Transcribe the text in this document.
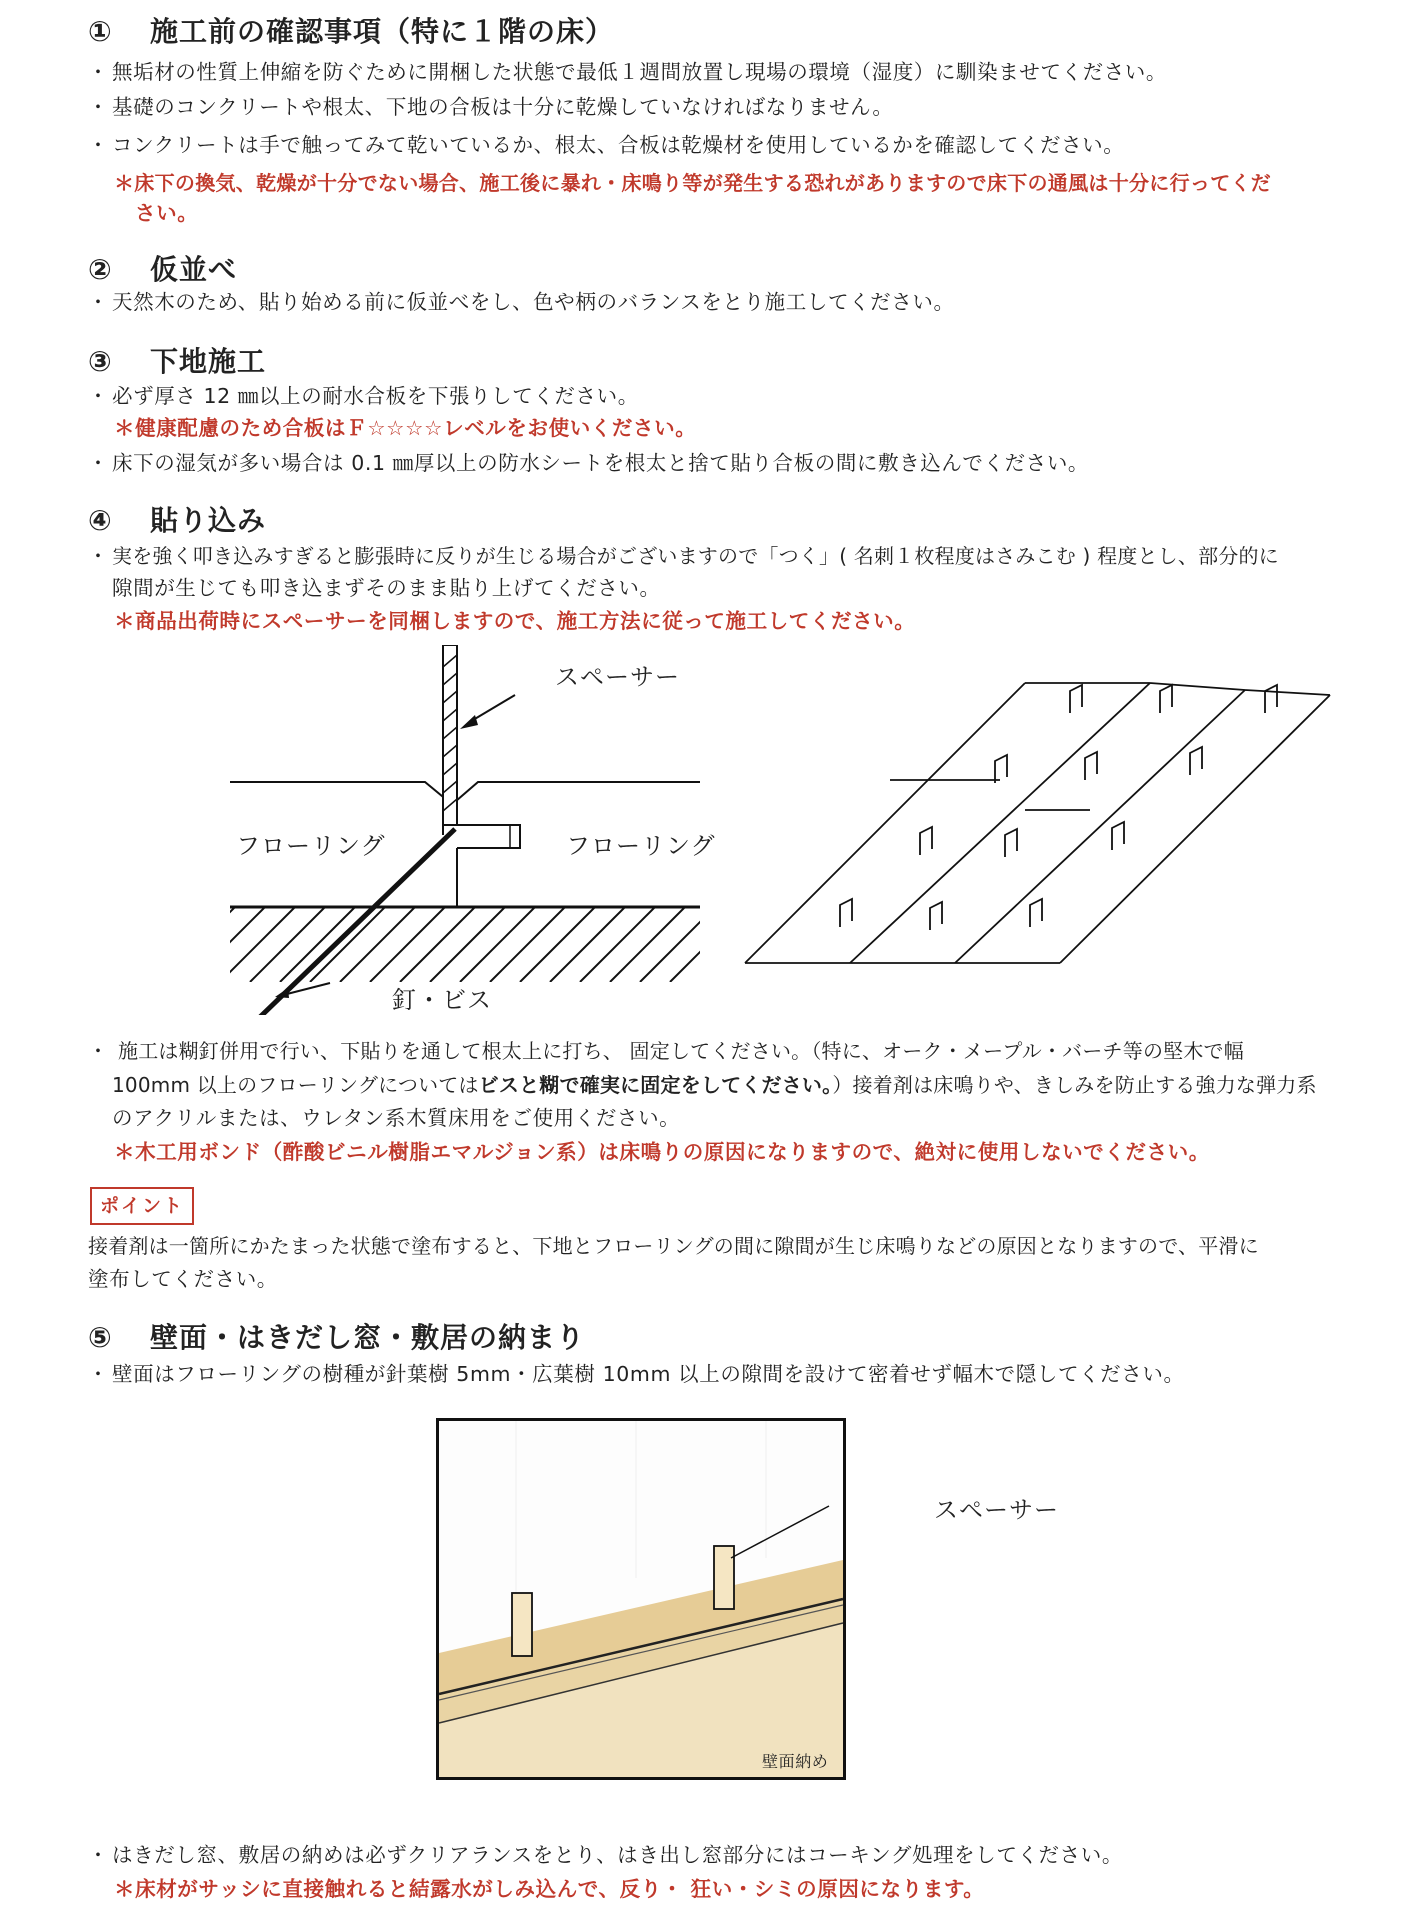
① 施工前の確認事項（特に１階の床）
・ 無垢材の性質上伸縮を防ぐために開梱した状態で最低１週間放置し現場の環境（湿度）に馴染ませてください。
・ 基礎のコンクリートや根太、下地の合板は十分に乾燥していなければなりません。
・ コンクリートは手で触ってみて乾いているか、根太、合板は乾燥材を使用しているかを確認してください。
＊床下の換気、乾燥が十分でない場合、施工後に暴れ・床鳴り等が発生する恐れがありますので床下の通風は十分に行ってくだ
さい。
② 仮並べ
・ 天然木のため、貼り始める前に仮並べをし、色や柄のバランスをとり施工してください。
③ 下地施工
・ 必ず厚さ 12 ㎜以上の耐水合板を下張りしてください。
＊健康配慮のため合板はＦ☆☆☆☆レベルをお使いください。
・ 床下の湿気が多い場合は 0.1 ㎜厚以上の防水シートを根太と捨て貼り合板の間に敷き込んでください。
④ 貼り込み
・ 実を強く叩き込みすぎると膨張時に反りが生じる場合がございますので「つく」( 名刺１枚程度はさみこむ ) 程度とし、部分的に
隙間が生じても叩き込まずそのまま貼り上げてください。
＊商品出荷時にスペーサーを同梱しますので、施工方法に従って施工してください。
スペーサー
フローリング	フローリング
釘・ビス
・ 施工は糊釘併用で行い、下貼りを通して根太上に打ち、 固定してください。（特に、オーク・メープル・バーチ等の堅木で幅
100mm 以上のフローリングについてはビスと糊で確実に固定をしてください。）接着剤は床鳴りや、きしみを防止する強力な弾力系
のアクリルまたは、ウレタン系木質床用をご使用ください。
＊木工用ボンド（酢酸ビニル樹脂エマルジョン系）は床鳴りの原因になりますので、絶対に使用しないでください。
ポイント
接着剤は一箇所にかたまった状態で塗布すると、下地とフローリングの間に隙間が生じ床鳴りなどの原因となりますので、平滑に
塗布してください。
⑤ 壁面・はきだし窓・敷居の納まり
・ 壁面はフローリングの樹種が針葉樹 5mm・広葉樹 10mm 以上の隙間を設けて密着せず幅木で隠してください。
スペーサー
壁面納め
・ はきだし窓、敷居の納めは必ずクリアランスをとり、はき出し窓部分にはコーキング処理をしてください。
＊床材がサッシに直接触れると結露水がしみ込んで、反り・ 狂い・シミの原因になります。
